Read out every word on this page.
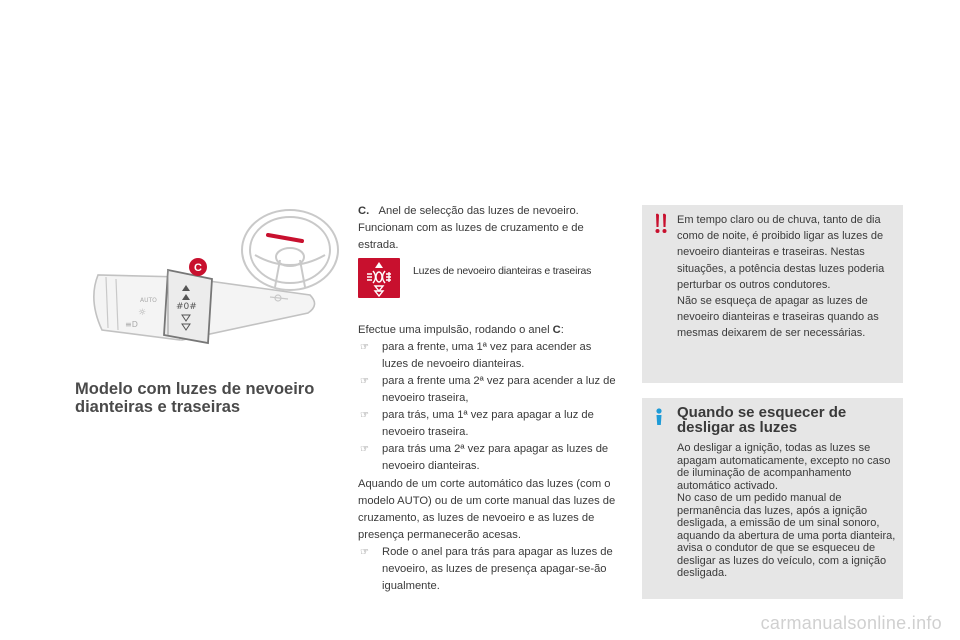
#0#
AUTO
☼
≡D
C
Modelo com luzes de nevoeiro
dianteiras e traseiras
C. Anel de selecção das luzes de nevoeiro. Funcionam com as luzes de cruzamento e de estrada.
Luzes de nevoeiro dianteiras e traseiras
Efectue uma impulsão, rodando o anel C:
☞ para a frente, uma 1ª vez para acender as luzes de nevoeiro dianteiras.
☞ para a frente uma 2ª vez para acender a luz de nevoeiro traseira,
☞ para trás, uma 1ª vez para apagar a luz de nevoeiro traseira.
☞ para trás uma 2ª vez para apagar as luzes de nevoeiro dianteiras.
Aquando de um corte automático das luzes (com o modelo AUTO) ou de um corte manual das luzes de cruzamento, as luzes de nevoeiro e as luzes de presença permanecerão acesas.
☞ Rode o anel para trás para apagar as luzes de nevoeiro, as luzes de presença apagar-se-ão igualmente.
Em tempo claro ou de chuva, tanto de dia como de noite, é proibido ligar as luzes de nevoeiro dianteiras e traseiras. Nestas situações, a potência destas luzes poderia perturbar os outros condutores.
Não se esqueça de apagar as luzes de nevoeiro dianteiras e traseiras quando as mesmas deixarem de ser necessárias.
Quando se esquecer de desligar as luzes
Ao desligar a ignição, todas as luzes se apagam automaticamente, excepto no caso de iluminação de acompanhamento automático activado.
No caso de um pedido manual de permanência das luzes, após a ignição desligada, a emissão de um sinal sonoro, aquando da abertura de uma porta dianteira, avisa o condutor de que se esqueceu de desligar as luzes do veículo, com a ignição desligada.
carmanualsonline.info
